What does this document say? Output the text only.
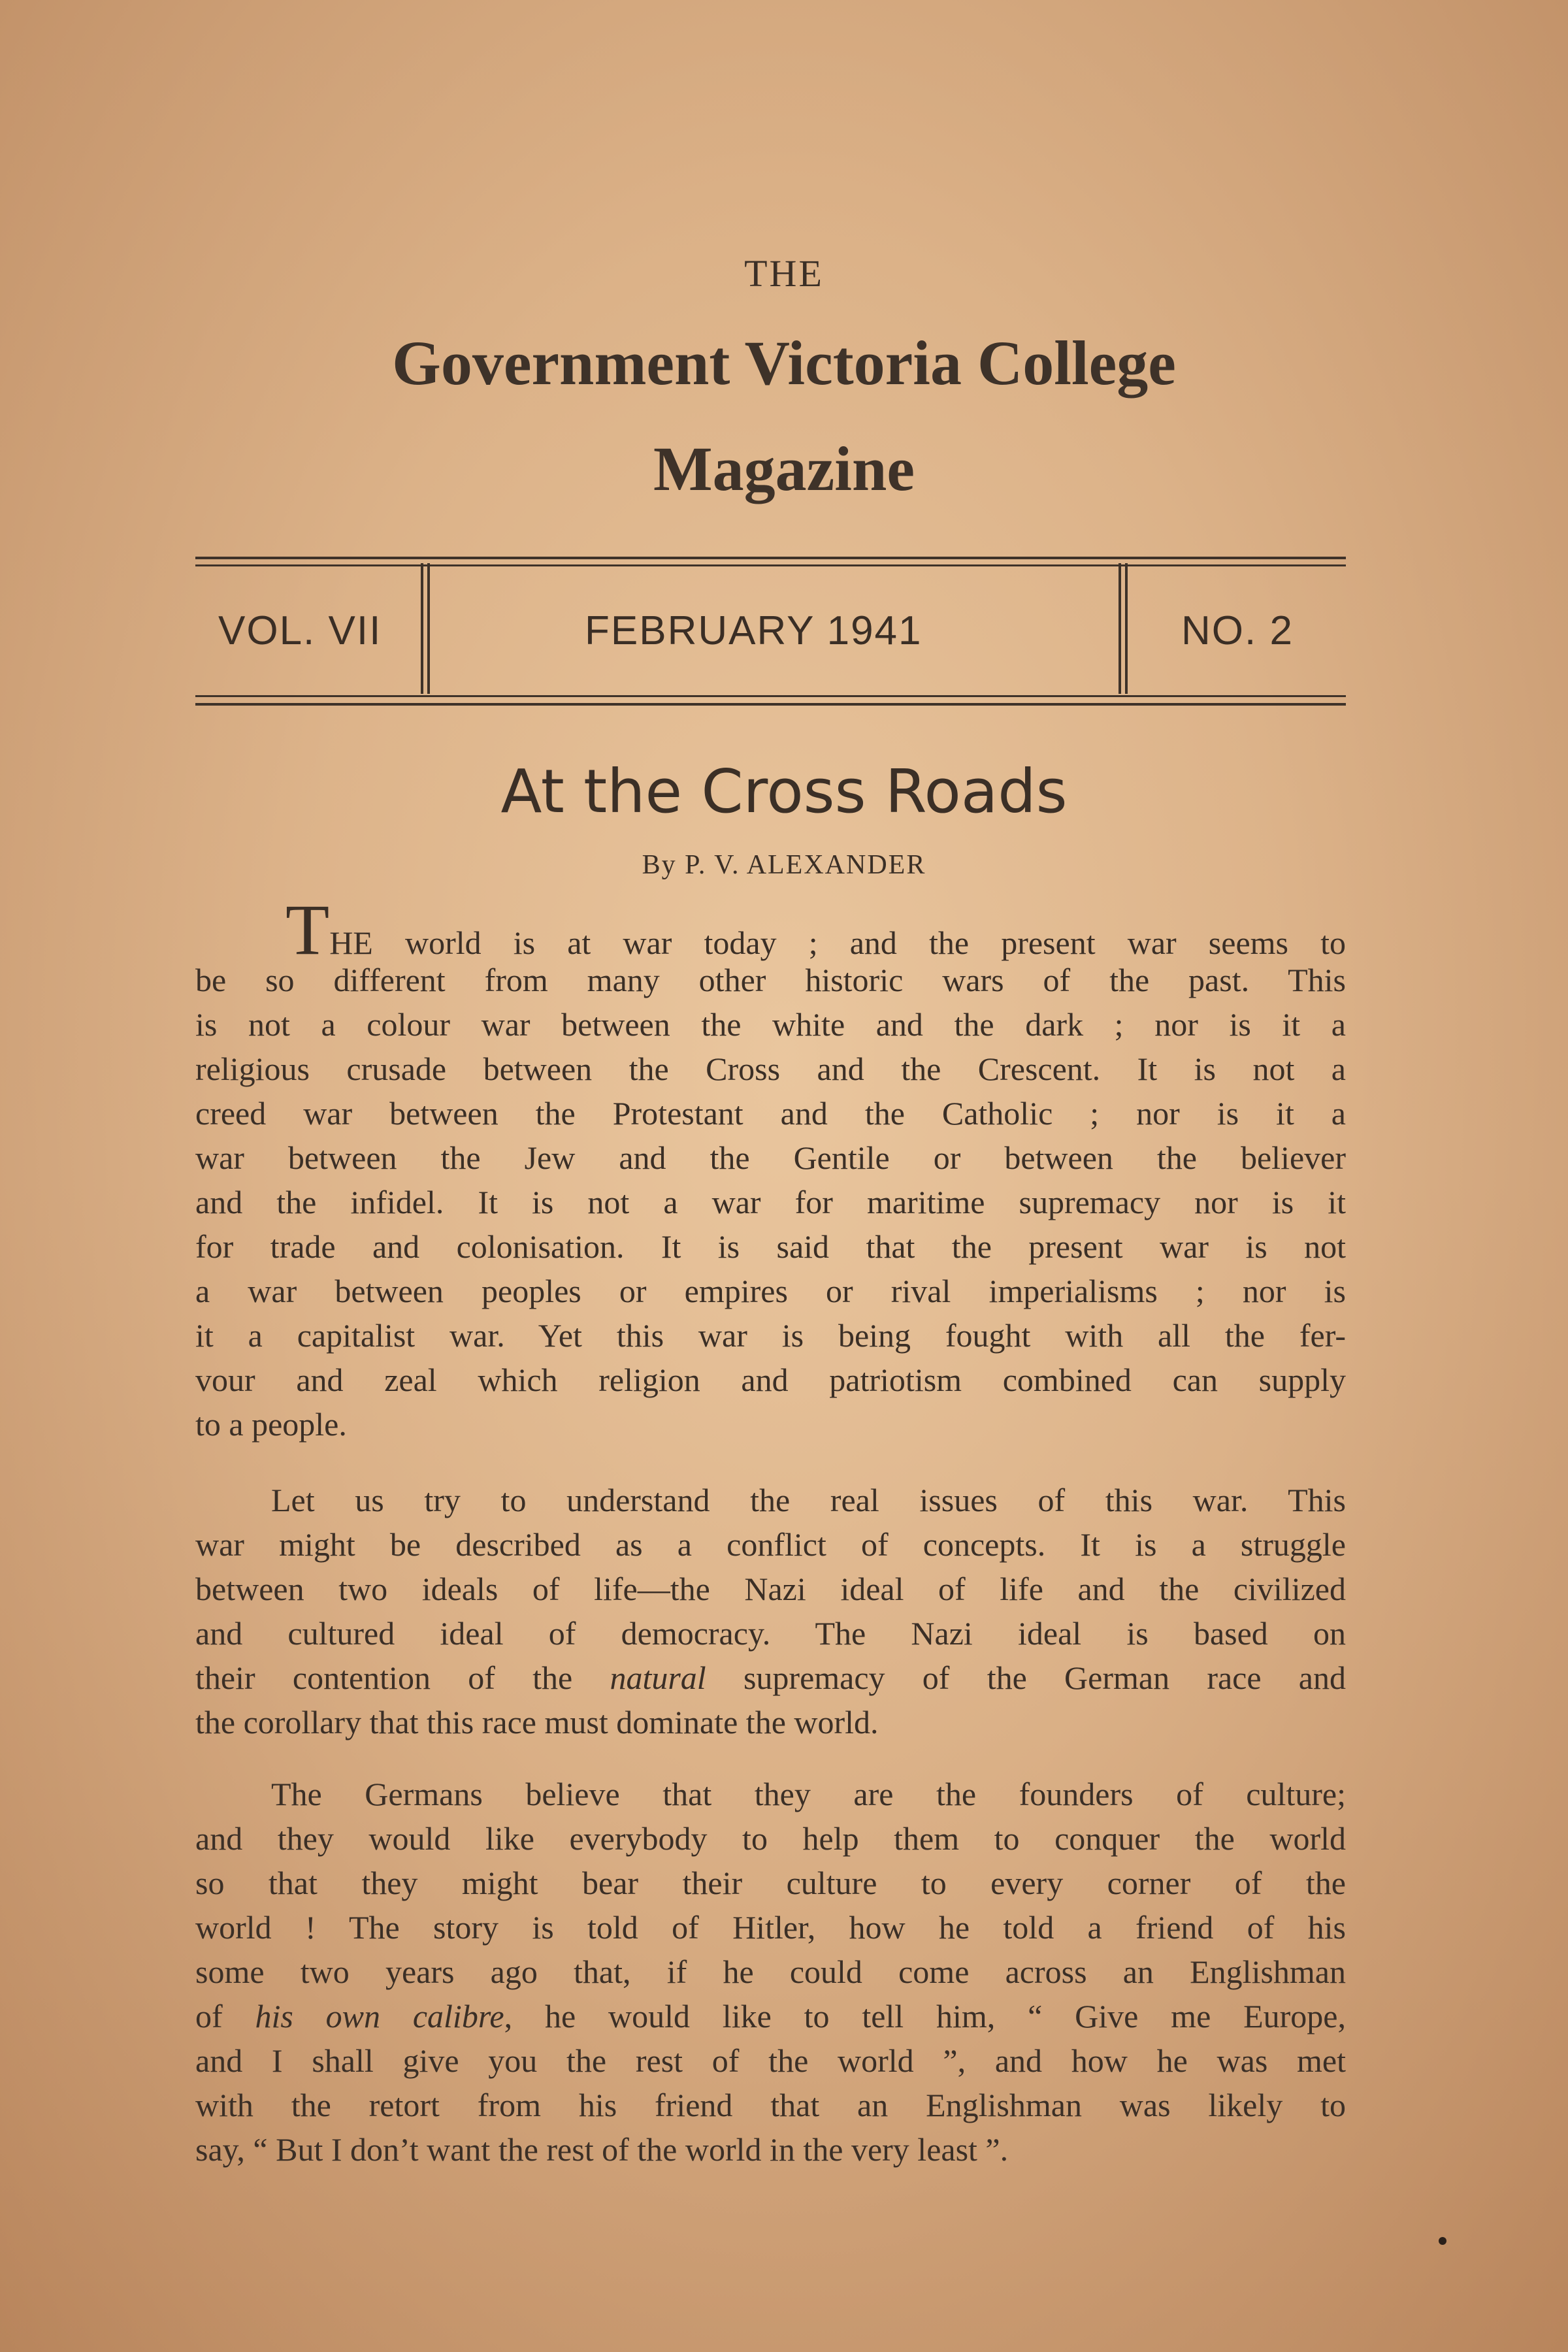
THE
Government Victoria College
Magazine
VOL. VII	FEBRUARY 1941	NO. 2
At the Cross Roads
By P. V. ALEXANDER
THE world is at war today ; and the present war seems to
be so different from many other historic wars of the past. This
is not a colour war between the white and the dark ; nor is it a
religious crusade between the Cross and the Crescent. It is not a
creed war between the Protestant and the Catholic ; nor is it a
war between the Jew and the Gentile or between the believer
and the infidel. It is not a war for maritime supremacy nor is it
for trade and colonisation. It is said that the present war is not
a war between peoples or empires or rival imperialisms ; nor is
it a capitalist war. Yet this war is being fought with all the fer-
vour and zeal which religion and patriotism combined can supply
to a people.
Let us try to understand the real issues of this war. This
war might be described as a conflict of concepts. It is a struggle
between two ideals of life—the Nazi ideal of life and the civilized
and cultured ideal of democracy. The Nazi ideal is based on
their contention of the natural supremacy of the German race and
the corollary that this race must dominate the world.
The Germans believe that they are the founders of culture;
and they would like everybody to help them to conquer the world
so that they might bear their culture to every corner of the
world ! The story is told of Hitler, how he told a friend of his
some two years ago that, if he could come across an Englishman
of his own calibre, he would like to tell him, “ Give me Europe,
and I shall give you the rest of the world ”, and how he was met
with the retort from his friend that an Englishman was likely to
say, “ But I don’t want the rest of the world in the very least ”.
